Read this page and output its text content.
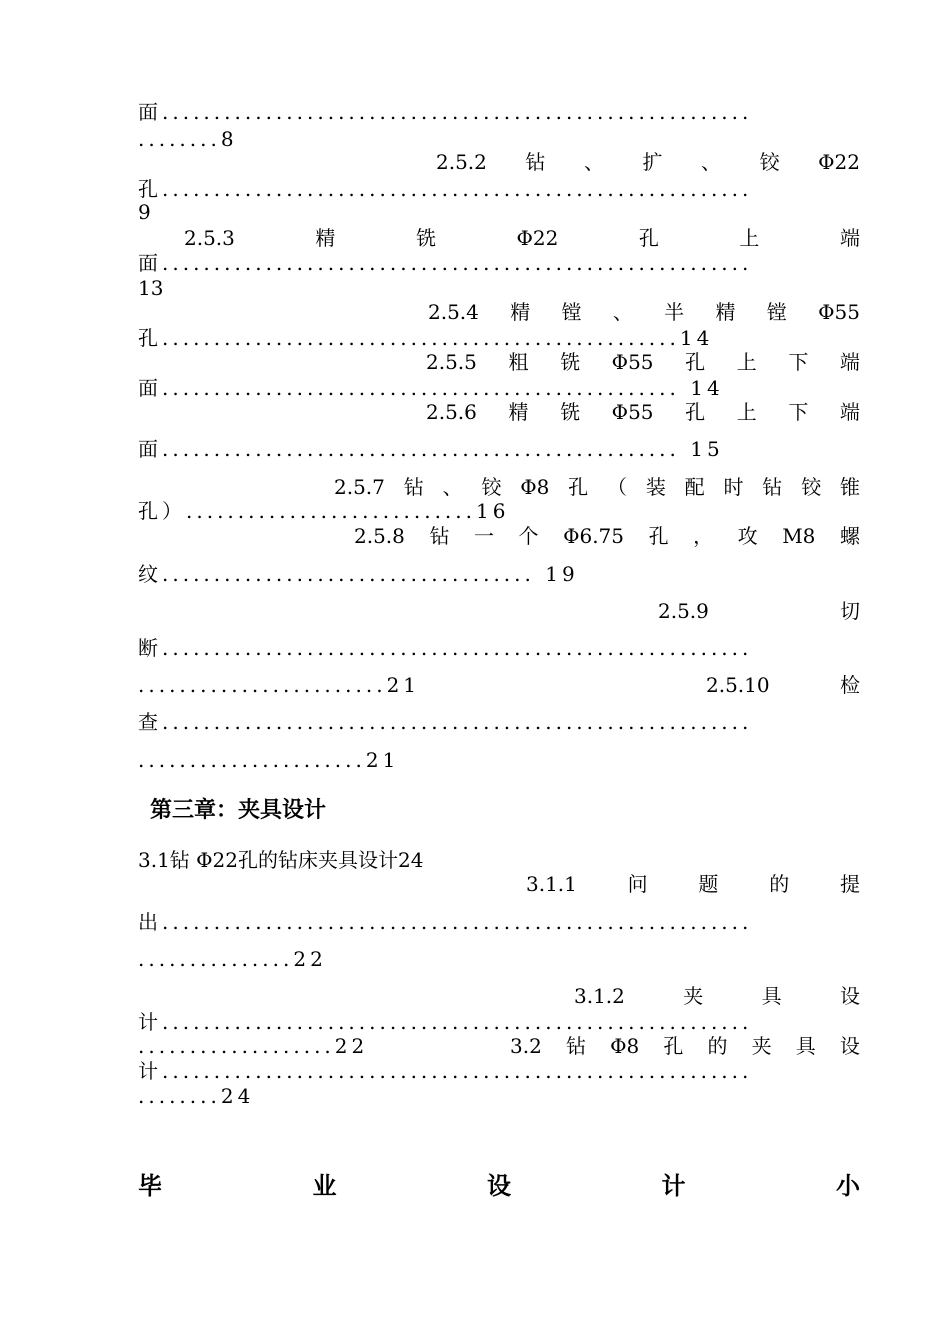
面.........................................................
........8
2.5.2 钻 、 扩 、 铰 Φ22
孔.........................................................
9
2.5.3	精	铣	Φ22	孔	上	端
面.........................................................
13
2.5.4 精 镗 、 半 精 镗 Φ55
孔..................................................14
2.5.5 粗 铣 Φ55 孔 上 下 端
面.................................................. 14
2.5.6 精 铣 Φ55 孔 上 下 端
面.................................................. 15
2.5.7 钻 、 铰 Φ8 孔 （ 装 配 时 钻 铰 锥
孔）............................16
2.5.8 钻 一 个 Φ6.75 孔 ， 攻 M8 螺
纹.................................... 19
2.5.9	切
断.........................................................
........................21	2.5.10	检
查.........................................................
......................21
第三章：夹具设计
3.1钻 Φ22孔的钻床夹具设计24
3.1.1	问	题	的	提
出.........................................................
...............22
3.1.2	夹	具	设
计.........................................................
...................22	3.2 钻 Φ8 孔 的 夹 具 设
计.........................................................
........24
毕	业	设	计	小
